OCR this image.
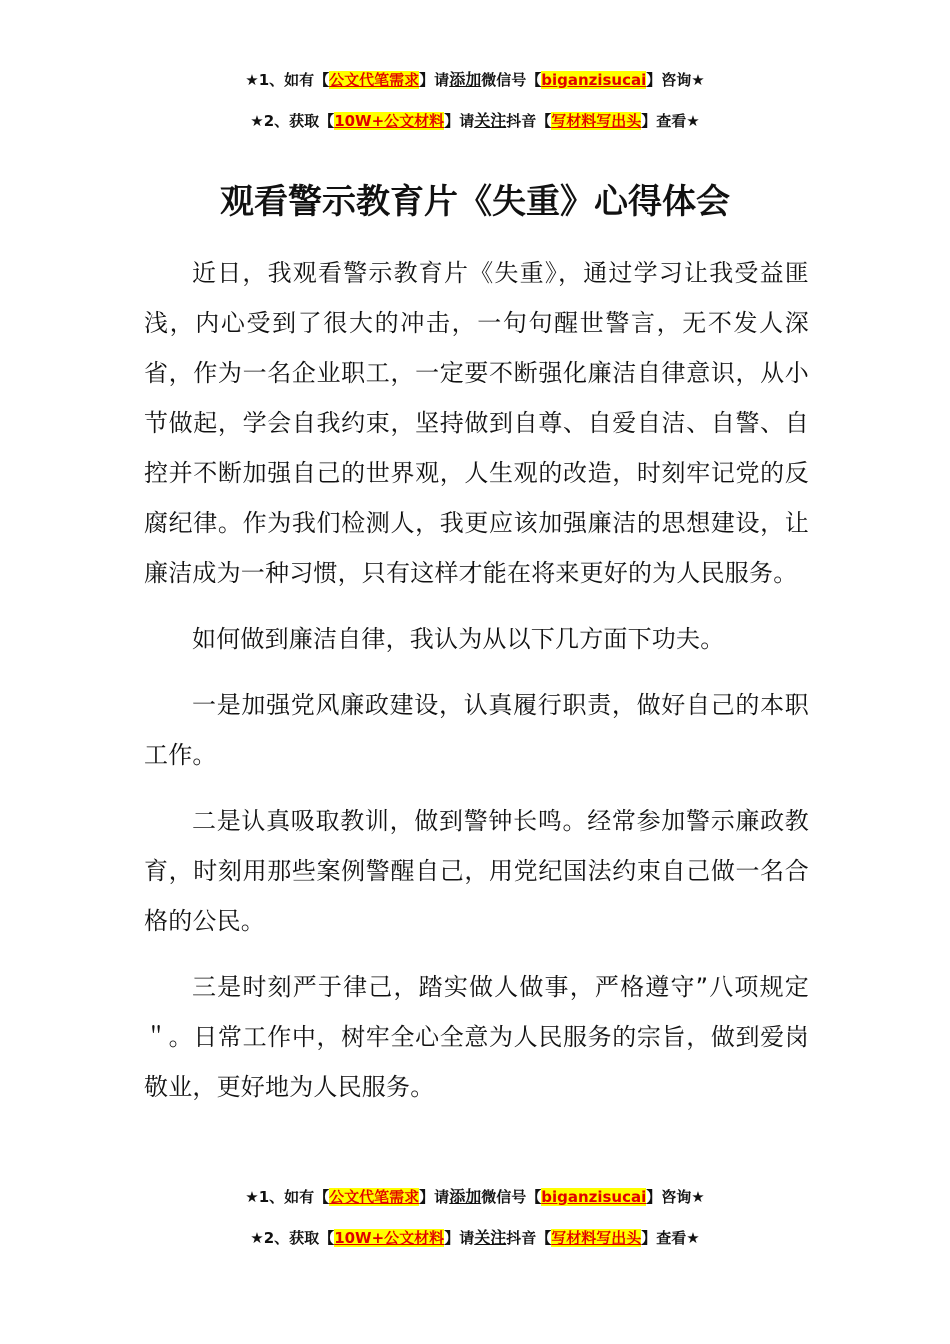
★1、如有【公文代笔需求】请添加微信号【biganzisucai】咨询★
★2、获取【10W+公文材料】请关注抖音【写材料写出头】查看★
观看警示教育片《失重》心得体会

近日，我观看警示教育片《失重》，通过学习让我受益匪浅，内心受到了很大的冲击，一句句醒世警言，无不发人深省，作为一名企业职工，一定要不断强化廉洁自律意识，从小节做起，学会自我约束，坚持做到自尊、自爱自洁、自警、自控并不断加强自己的世界观，人生观的改造，时刻牢记党的反腐纪律。作为我们检测人，我更应该加强廉洁的思想建设，让廉洁成为一种习惯，只有这样才能在将来更好的为人民服务。

如何做到廉洁自律，我认为从以下几方面下功夫。

一是加强党风廉政建设，认真履行职责，做好自己的本职工作。

二是认真吸取教训，做到警钟长鸣。经常参加警示廉政教育，时刻用那些案例警醒自己，用党纪国法约束自己做一名合格的公民。

三是时刻严于律己，踏实做人做事，严格遵守”八项规定＂。日常工作中，树牢全心全意为人民服务的宗旨，做到爱岗敬业，更好地为人民服务。

★1、如有【公文代笔需求】请添加微信号【biganzisucai】咨询★
★2、获取【10W+公文材料】请关注抖音【写材料写出头】查看★
